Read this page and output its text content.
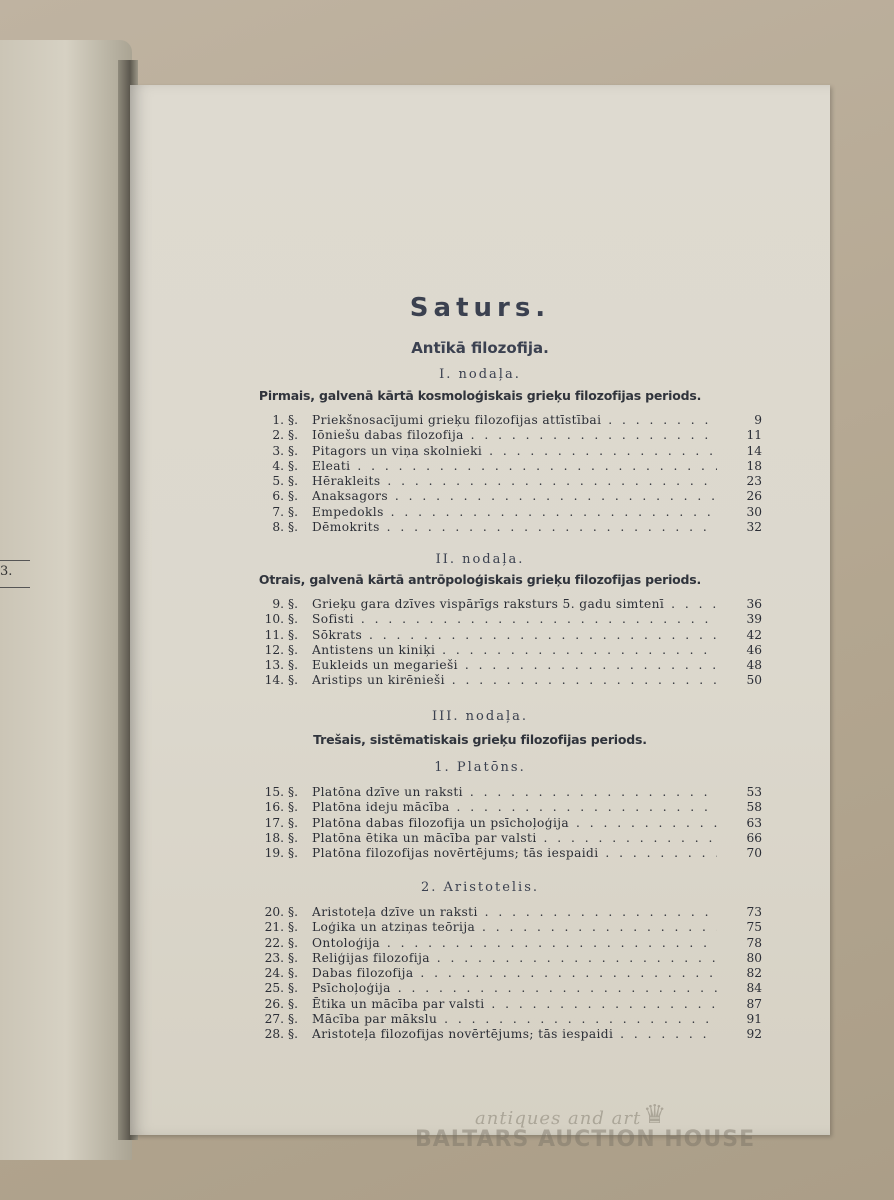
3.
Saturs.
Antīkā filozofija.
I. nodaļa.
Pirmais, galvenā kārtā kosmoloģiskais grieķu filozofijas periods.
1. §. Priekšnosacījumi grieķu filozofijas attīstībai . . .	9
2. §. Iōniešu dabas filozofija . . .	11
3. §. Pitagors un viņa skolnieki . . .	14
4. §. Eleati . . .	18
5. §. Hērakleits . . .	23
6. §. Anaksagors . . .	26
7. §. Empedokls . . .	30
8. §. Dēmokrits . . .	32
II. nodaļa.
Otrais, galvenā kārtā antrōpoloģiskais grieķu filozofijas periods.
9. §. Grieķu gara dzīves vispārīgs raksturs 5. gadu simtenī . . .	36
10. §. Sofisti . . .	39
11. §. Sōkrats . . .	42
12. §. Antistens un kiniķi . . .	46
13. §. Eukleids un megarieši . . .	48
14. §. Aristips un kirēnieši . . .	50
III. nodaļa.
Trešais, sistēmatiskais grieķu filozofijas periods.
1. Platōns.
15. §. Platōna dzīve un raksti . . .	53
16. §. Platōna ideju mācība . . .	58
17. §. Platōna dabas filozofija un psīchoļoģija . . .	63
18. §. Platōna ētika un mācība par valsti . . .	66
19. §. Platōna filozofijas novērtējums; tās iespaidi . . .	70
2. Aristotelis.
20. §. Aristoteļa dzīve un raksti . . .	73
21. §. Loģika un atziņas teōrija . . .	75
22. §. Ontoloģija . . .	78
23. §. Reliģijas filozofija . . .	80
24. §. Dabas filozofija . . .	82
25. §. Psīchoļoģija . . .	84
26. §. Ētika un mācība par valsti . . .	87
27. §. Mācība par mākslu . . .	91
28. §. Aristoteļa filozofijas novērtējums; tās iespaidi . . .	92
♛
antiques and art
BALTARS AUCTION HOUSE
